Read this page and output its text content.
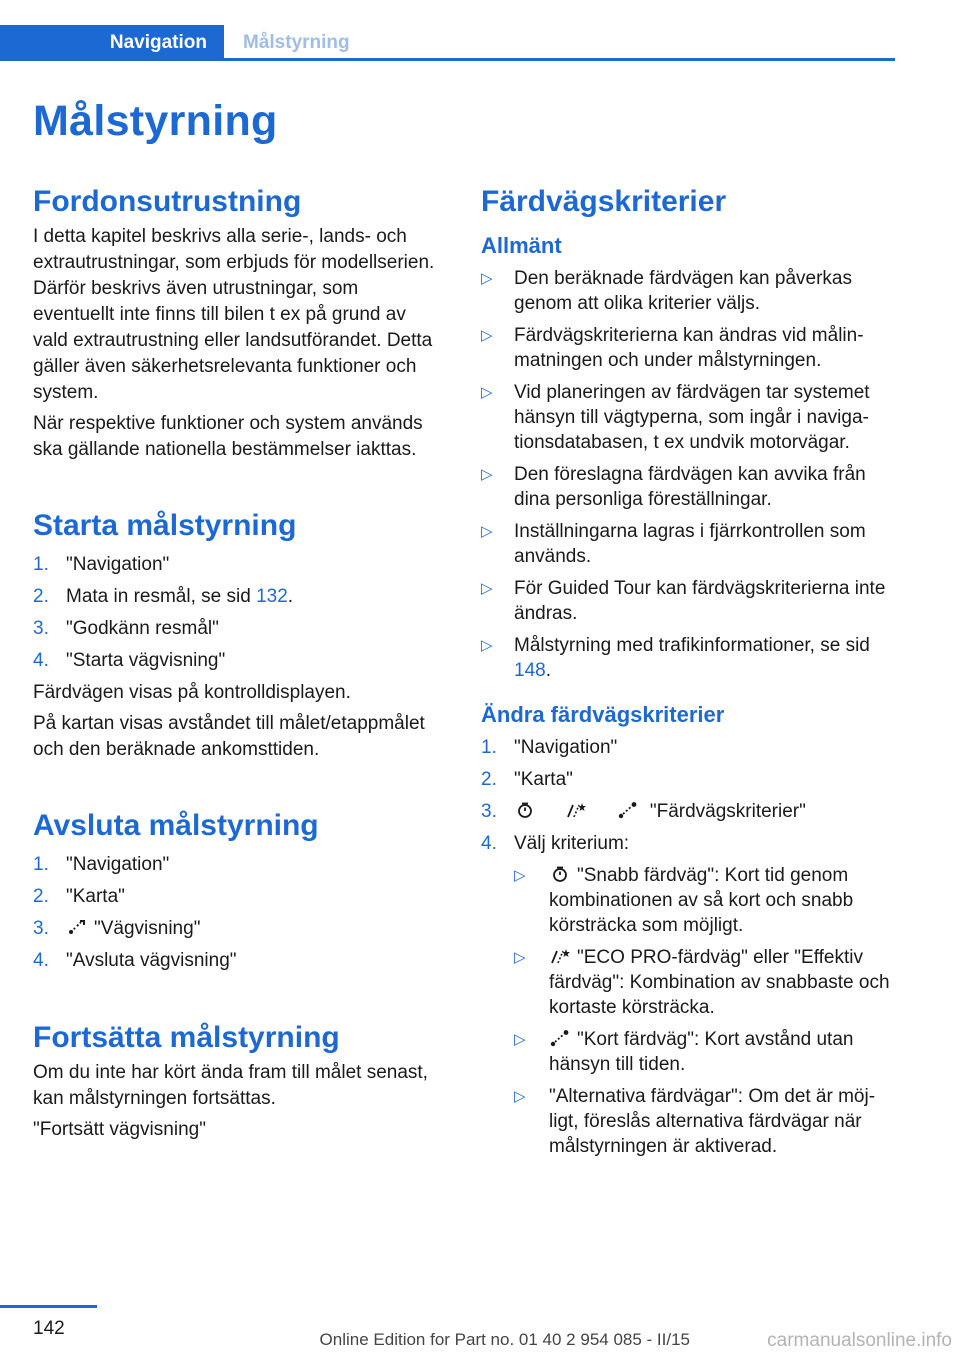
Navigation	Målstyrning
Målstyrning
Fordonsutrustning

I detta kapitel beskrivs alla serie-, lands- och extrautrustningar, som erbjuds för modellserien. Därför beskrivs även utrustningar, som eventuellt inte finns till bilen t ex på grund av vald extrautrustning eller landsutförandet. Detta gäller även säkerhetsrelevanta funktioner och system.

När respektive funktioner och system används ska gällande nationella bestämmelser iakttas.

Starta målstyrning
1. "Navigation"
2. Mata in resmål, se sid 132.
3. "Godkänn resmål"
4. "Starta vägvisning"

Färdvägen visas på kontrolldisplayen.

På kartan visas avståndet till målet/etappmålet och den beräknade ankomsttiden.

Avsluta målstyrning
1. "Navigation"
2. "Karta"
3. "Vägvisning"
4. "Avsluta vägvisning"
Fortsätta målstyrning

Om du inte har kört ända fram till målet senast, kan målstyrningen fortsättas.

"Fortsätt vägvisning"

Färdvägskriterier
Allmänt
▷ Den beräknade färdvägen kan påverkas genom att olika kriterier väljs.
▷ Färdvägskriterierna kan ändras vid målinmatningen och under målstyrningen.
▷ Vid planeringen av färdvägen tar systemet hänsyn till vägtyperna, som ingår i navigationsdatabasen, t ex undvik motorvägar.
▷ Den föreslagna färdvägen kan avvika från dina personliga föreställningar.
▷ Inställningarna lagras i fjärrkontrollen som används.
▷ För Guided Tour kan färdvägskriterierna inte ändras.
▷ Målstyrning med trafikinformationer, se sid 148.
Ändra färdvägskriterier
1. "Navigation"
2. "Karta"
3.

	"Färdvägskriterier"
4. Välj kriterium:
▷	"Snabb färdväg": Kort tid genom kombinationen av så kort och snabb körsträcka som möjligt.
▷	"ECO PRO-färdväg" eller "Effektiv färdväg": Kombination av snabbaste och kortaste körsträcka.
▷	"Kort färdväg": Kort avstånd utan hänsyn till tiden.
▷ "Alternativa färdvägar": Om det är möjligt, föreslås alternativa färdvägar när målstyrningen är aktiverad.
142
Online Edition for Part no. 01 40 2 954 085 - II/15	carmanualsonline.info
